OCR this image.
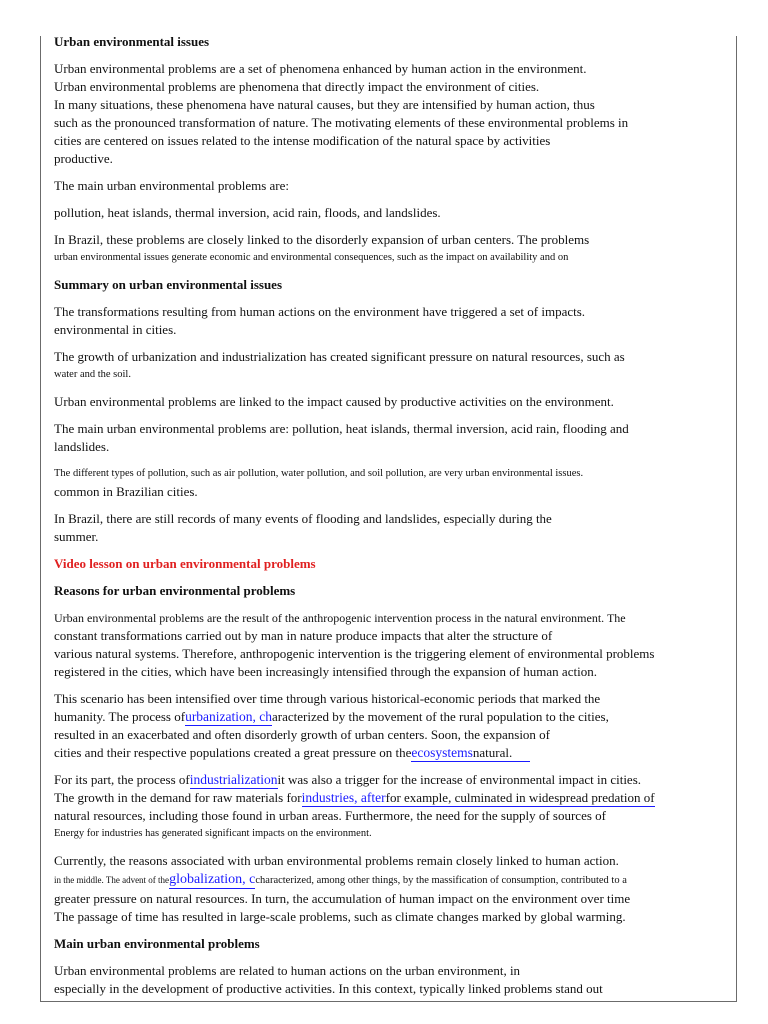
Urban environmental issues

Urban environmental problems are a set of phenomena enhanced by human action in the environment.

Urban environmental problems are phenomena that directly impact the environment of cities.

In many situations, these phenomena have natural causes, but they are intensified by human action, thus

such as the pronounced transformation of nature. The motivating elements of these environmental problems in

cities are centered on issues related to the intense modification of the natural space by activities

productive.

The main urban environmental problems are:

pollution, heat islands, thermal inversion, acid rain, floods, and landslides.

In Brazil, these problems are closely linked to the disorderly expansion of urban centers. The problems

urban environmental issues generate economic and environmental consequences, such as the impact on availability and on

Summary on urban environmental issues

The transformations resulting from human actions on the environment have triggered a set of impacts.

environmental in cities.

The growth of urbanization and industrialization has created significant pressure on natural resources, such as

water and the soil.

Urban environmental problems are linked to the impact caused by productive activities on the environment.

The main urban environmental problems are: pollution, heat islands, thermal inversion, acid rain, flooding and

landslides.

The different types of pollution, such as air pollution, water pollution, and soil pollution, are very urban environmental issues.

common in Brazilian cities.

In Brazil, there are still records of many events of flooding and landslides, especially during the

summer.

Video lesson on urban environmental problems

Reasons for urban environmental problems

Urban environmental problems are the result of the anthropogenic intervention process in the natural environment. The

constant transformations carried out by man in nature produce impacts that alter the structure of

various natural systems. Therefore, anthropogenic intervention is the triggering element of environmental problems

registered in the cities, which have been increasingly intensified through the expansion of human action.

This scenario has been intensified over time through various historical-economic periods that marked the

humanity. The process ofurbanization, characterized by the movement of the rural population to the cities,

resulted in an exacerbated and often disorderly growth of urban centers. Soon, the expansion of

cities and their respective populations created a great pressure on theecosystemsnatural.

For its part, the process ofindustrializationit was also a trigger for the increase of environmental impact in cities.

The growth in the demand for raw materials forindustries, afterfor example, culminated in widespread predation of

natural resources, including those found in urban areas. Furthermore, the need for the supply of sources of

Energy for industries has generated significant impacts on the environment.

Currently, the reasons associated with urban environmental problems remain closely linked to human action.

in the middle. The advent of theglobalization, ccharacterized, among other things, by the massification of consumption, contributed to a

greater pressure on natural resources. In turn, the accumulation of human impact on the environment over time

The passage of time has resulted in large-scale problems, such as climate changes marked by global warming.

Main urban environmental problems

Urban environmental problems are related to human actions on the urban environment, in

especially in the development of productive activities. In this context, typically linked problems stand out
